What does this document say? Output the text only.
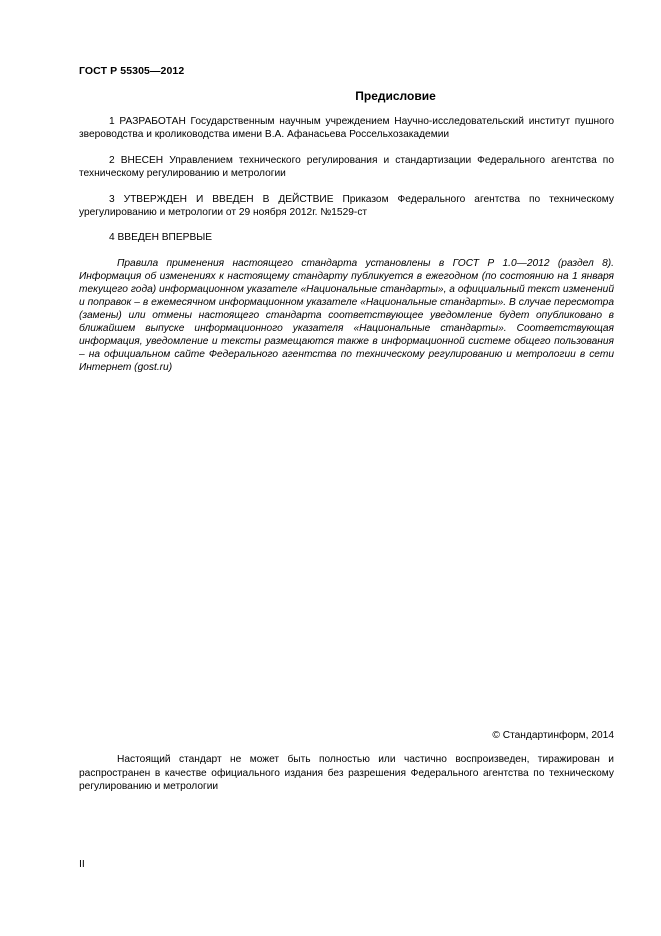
ГОСТ Р 55305—2012
Предисловие

1 РАЗРАБОТАН Государственным научным учреждением Научно-исследовательский институт пушного звероводства и кролиководства имени В.А. Афанасьева Россельхозакадемии

2 ВНЕСЕН Управлением технического регулирования и стандартизации Федерального агентства по техническому регулированию и метрологии

3 УТВЕРЖДЕН И ВВЕДЕН В ДЕЙСТВИЕ Приказом Федерального агентства по техническому урегулированию и метрологии от 29 ноября 2012г. №1529-ст

4 ВВЕДЕН ВПЕРВЫЕ

Правила применения настоящего стандарта установлены в ГОСТ Р 1.0—2012 (раздел 8). Информация об изменениях к настоящему стандарту публикуется в ежегодном (по состоянию на 1 января текущего года) информационном указателе «Национальные стандарты», а официальный текст изменений и поправок – в ежемесячном информационном указателе «Национальные стандарты». В случае пересмотра (замены) или отмены настоящего стандарта соответствующее уведомление будет опубликовано в ближайшем выпуске информационного указателя «Национальные стандарты». Соответствующая информация, уведомление и тексты размещаются также в информационной системе общего пользования – на официальном сайте Федерального агентства по техническому регулированию и метрологии в сети Интернет (gost.ru)

© Стандартинформ, 2014

Настоящий стандарт не может быть полностью или частично воспроизведен, тиражирован и распространен в качестве официального издания без разрешения Федерального агентства по техническому регулированию и метрологии

II
